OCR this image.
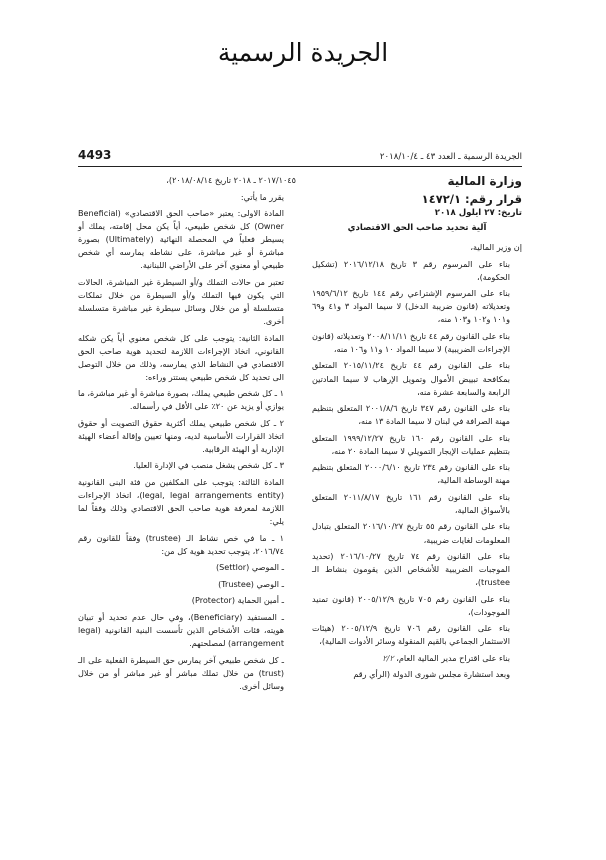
الجريدة الرسمية
الجريدة الرسمية ـ العدد ٤٣ ـ ٢٠١٨/١٠/٤
4493
وزارة المالية
قرار رقم: ١٤٧٢/١
تاريخ: ٢٧ ايلول ٢٠١٨
آلية تحديد صاحب الحق الاقتصادي

إن وزير المالية،

بناء على المرسوم رقم ٣ تاريخ ٢٠١٦/١٢/١٨ (تشكيل الحكومة)،

بناء على المرسوم الإشتراعي رقم ١٤٤ تاريخ ١٩٥٩/٦/١٢ وتعديلاته (قانون ضريبة الدخل) لا سيما المواد ٣ و٤١ و٦٩ و١٠١ و١٠٢ و١٠٣ منه،

بناء على القانون رقم ٤٤ تاريخ ٢٠٠٨/١١/١١ وتعديلاته (قانون الإجراءات الضريبية) لا سيما المواد ١٠ و١١ و١٠٦ منه،

بناء على القانون رقم ٤٤ تاريخ ٢٠١٥/١١/٢٤ المتعلق بمكافحة تبييض الأموال وتمويل الإرهاب لا سيما المادتين الرابعة والسابعة عشرة منه،

بناء على القانون رقم ٣٤٧ تاريخ ٢٠٠١/٨/٦ المتعلق بتنظيم مهنة الصرافة في لبنان لا سيما المادة ١٣ منه،

بناء على القانون رقم ١٦٠ تاريخ ١٩٩٩/١٢/٢٧ المتعلق بتنظيم عمليات الإيجار التمويلي لا سيما المادة ٢٠ منه،

بناء على القانون رقم ٢٣٤ تاريخ ٢٠٠٠/٦/١٠ المتعلق بتنظيم مهنة الوساطة المالية،

بناء على القانون رقم ١٦١ تاريخ ٢٠١١/٨/١٧ المتعلق بالأسواق المالية،

بناء على القانون رقم ٥٥ تاريخ ٢٠١٦/١٠/٢٧ المتعلق بتبادل المعلومات لغايات ضريبية،

بناء على القانون رقم ٧٤ تاريخ ٢٠١٦/١٠/٢٧ (تحديد الموجبات الضريبية للأشخاص الذين يقومون بنشاط الـ trustee)،

بناء على القانون رقم ٧٠٥ تاريخ ٢٠٠٥/١٢/٩ (قانون تمنيد الموجودات)،

بناء على القانون رقم ٧٠٦ تاريخ ٢٠٠٥/١٢/٩ (هيئات الاستثمار الجماعي بالقيم المنقولة وسائر الأدوات المالية)،

بناء على اقتراح مدير المالية العام، ٢/٢

وبعد استشارة مجلس شورى الدولة (الرأي رقم

٢٠١٧/١٠٤٥ ـ ٢٠١٨ تاريخ ٢٠١٨/٠٨/١٤)،

يقرر ما يأتي:

المادة الاولى: يعتبر «صاحب الحق الاقتصادي» (Beneficial Owner) كل شخص طبيعي، أياً يكن محل إقامته، يملك أو يسيطر فعلياً في المحصلة النهائية (Ultimately) بصورة مباشرة أو غير مباشرة، على نشاطه يمارسه أي شخص طبيعي أو معنوي آخر على الأراضي اللبنانية.

تعتبر من حالات التملك و/أو السيطرة غير المباشرة، الحالات التي يكون فيها التملك و/أو السيطرة من خلال تملكات متسلسلة أو من خلال وسائل سيطرة غير مباشرة متسلسلة أخرى.

المادة الثانية: يتوجب على كل شخص معنوي أياً يكن شكله القانوني، اتخاذ الإجراءات اللازمة لتحديد هوية صاحب الحق الاقتصادي في النشاط الذي يمارسه، وذلك من خلال التوصل الى تحديد كل شخص طبيعي يستتر وراءه:

١ ـ كل شخص طبيعي يملك، بصورة مباشرة أو غير مباشرة، ما يوازي أو يزيد عن ٢٠٪ على الأقل في رأسماله.

٢ ـ كل شخص طبيعي يملك أكثرية حقوق التصويت أو حقوق اتخاذ القرارات الأساسية لديه، ومنها تعيين وإقالة أعضاء الهيئة الإدارية أو الهيئة الرقابية.

٣ ـ كل شخص يشغل منصب في الإدارة العليا.

المادة الثالثة: يتوجب على المكلفين من فئة البنى القانونية (legal, legal arrangements entity)، اتخاذ الإجراءات اللازمة لمعرفة هوية صاحب الحق الاقتصادي وذلك وفقاً لما يلي:

١ ـ ما في خص نشاط الـ (trustee) وفقاً للقانون رقم ٢٠١٦/٧٤، يتوجب تحديد هوية كل من:

ـ الموصي (Settlor)

ـ الوصي (Trustee)

ـ أمين الحماية (Protector)

ـ المستفيد (Beneficiary)، وفي حال عدم تحديد أو تبيان هويته، فئات الأشخاص الذين تأسست البنية القانونية (legal arrangement) لمصلحتهم.

ـ كل شخص طبيعي آخر يمارس حق السيطرة الفعلية على الـ (trust) من خلال تملك مباشر أو غير مباشر أو من خلال وسائل أخرى.
